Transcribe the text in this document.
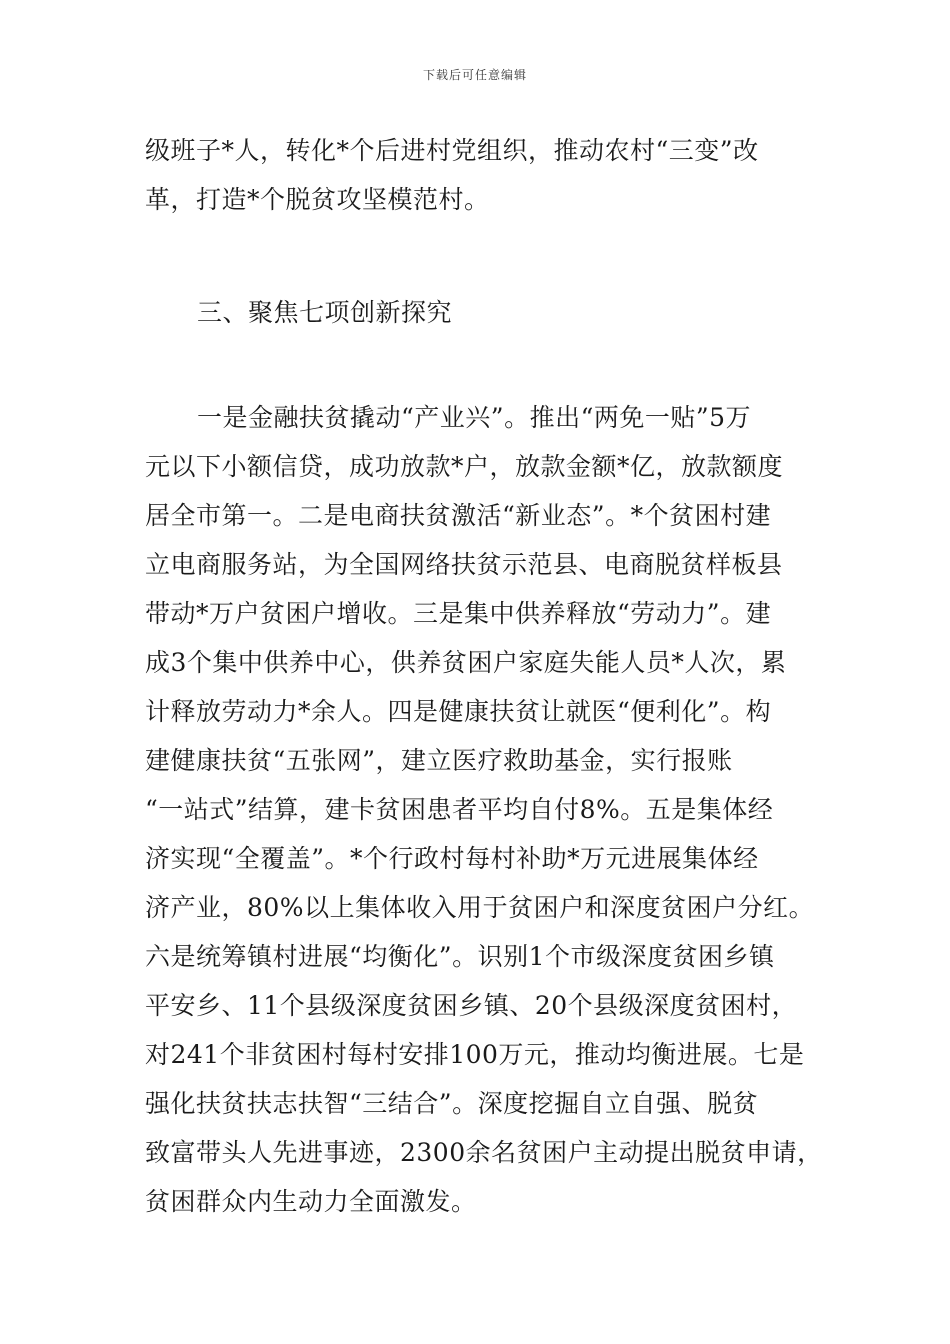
下载后可任意编辑
级班子*人，转化*个后进村党组织，推动农村“三变”改
革，打造*个脱贫攻坚模范村。
三、聚焦七项创新探究
一是金融扶贫撬动“产业兴”。推出“两免一贴”5万
元以下小额信贷，成功放款*户，放款金额*亿，放款额度
居全市第一。二是电商扶贫激活“新业态”。*个贫困村建
立电商服务站，为全国网络扶贫示范县、电商脱贫样板县
带动*万户贫困户增收。三是集中供养释放“劳动力”。建
成3个集中供养中心，供养贫困户家庭失能人员*人次，累
计释放劳动力*余人。四是健康扶贫让就医“便利化”。构
建健康扶贫“五张网”，建立医疗救助基金，实行报账
“一站式”结算，建卡贫困患者平均自付8%。五是集体经
济实现“全覆盖”。*个行政村每村补助*万元进展集体经
济产业，80%以上集体收入用于贫困户和深度贫困户分红。
六是统筹镇村进展“均衡化”。识别1个市级深度贫困乡镇
平安乡、11个县级深度贫困乡镇、20个县级深度贫困村，
对241个非贫困村每村安排100万元，推动均衡进展。七是
强化扶贫扶志扶智“三结合”。深度挖掘自立自强、脱贫
致富带头人先进事迹，2300余名贫困户主动提出脱贫申请，
贫困群众内生动力全面激发。
